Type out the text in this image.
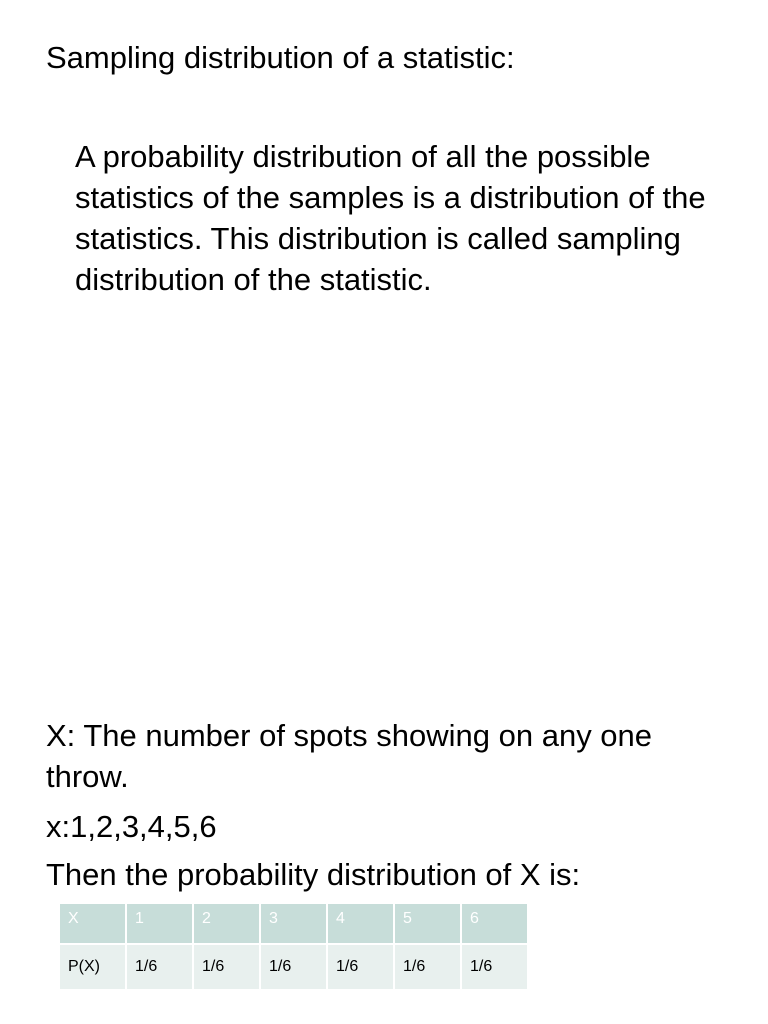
Sampling distribution of a statistic:

A probability distribution of all the possible statistics of the samples is a distribution of the statistics. This distribution is called sampling distribution of the statistic.

X: The number of spots showing on any one throw.

x:1,2,3,4,5,6

Then the probability distribution of X is:

X	1	2	3	4	5	6
P(X)	1/6	1/6	1/6	1/6	1/6	1/6
